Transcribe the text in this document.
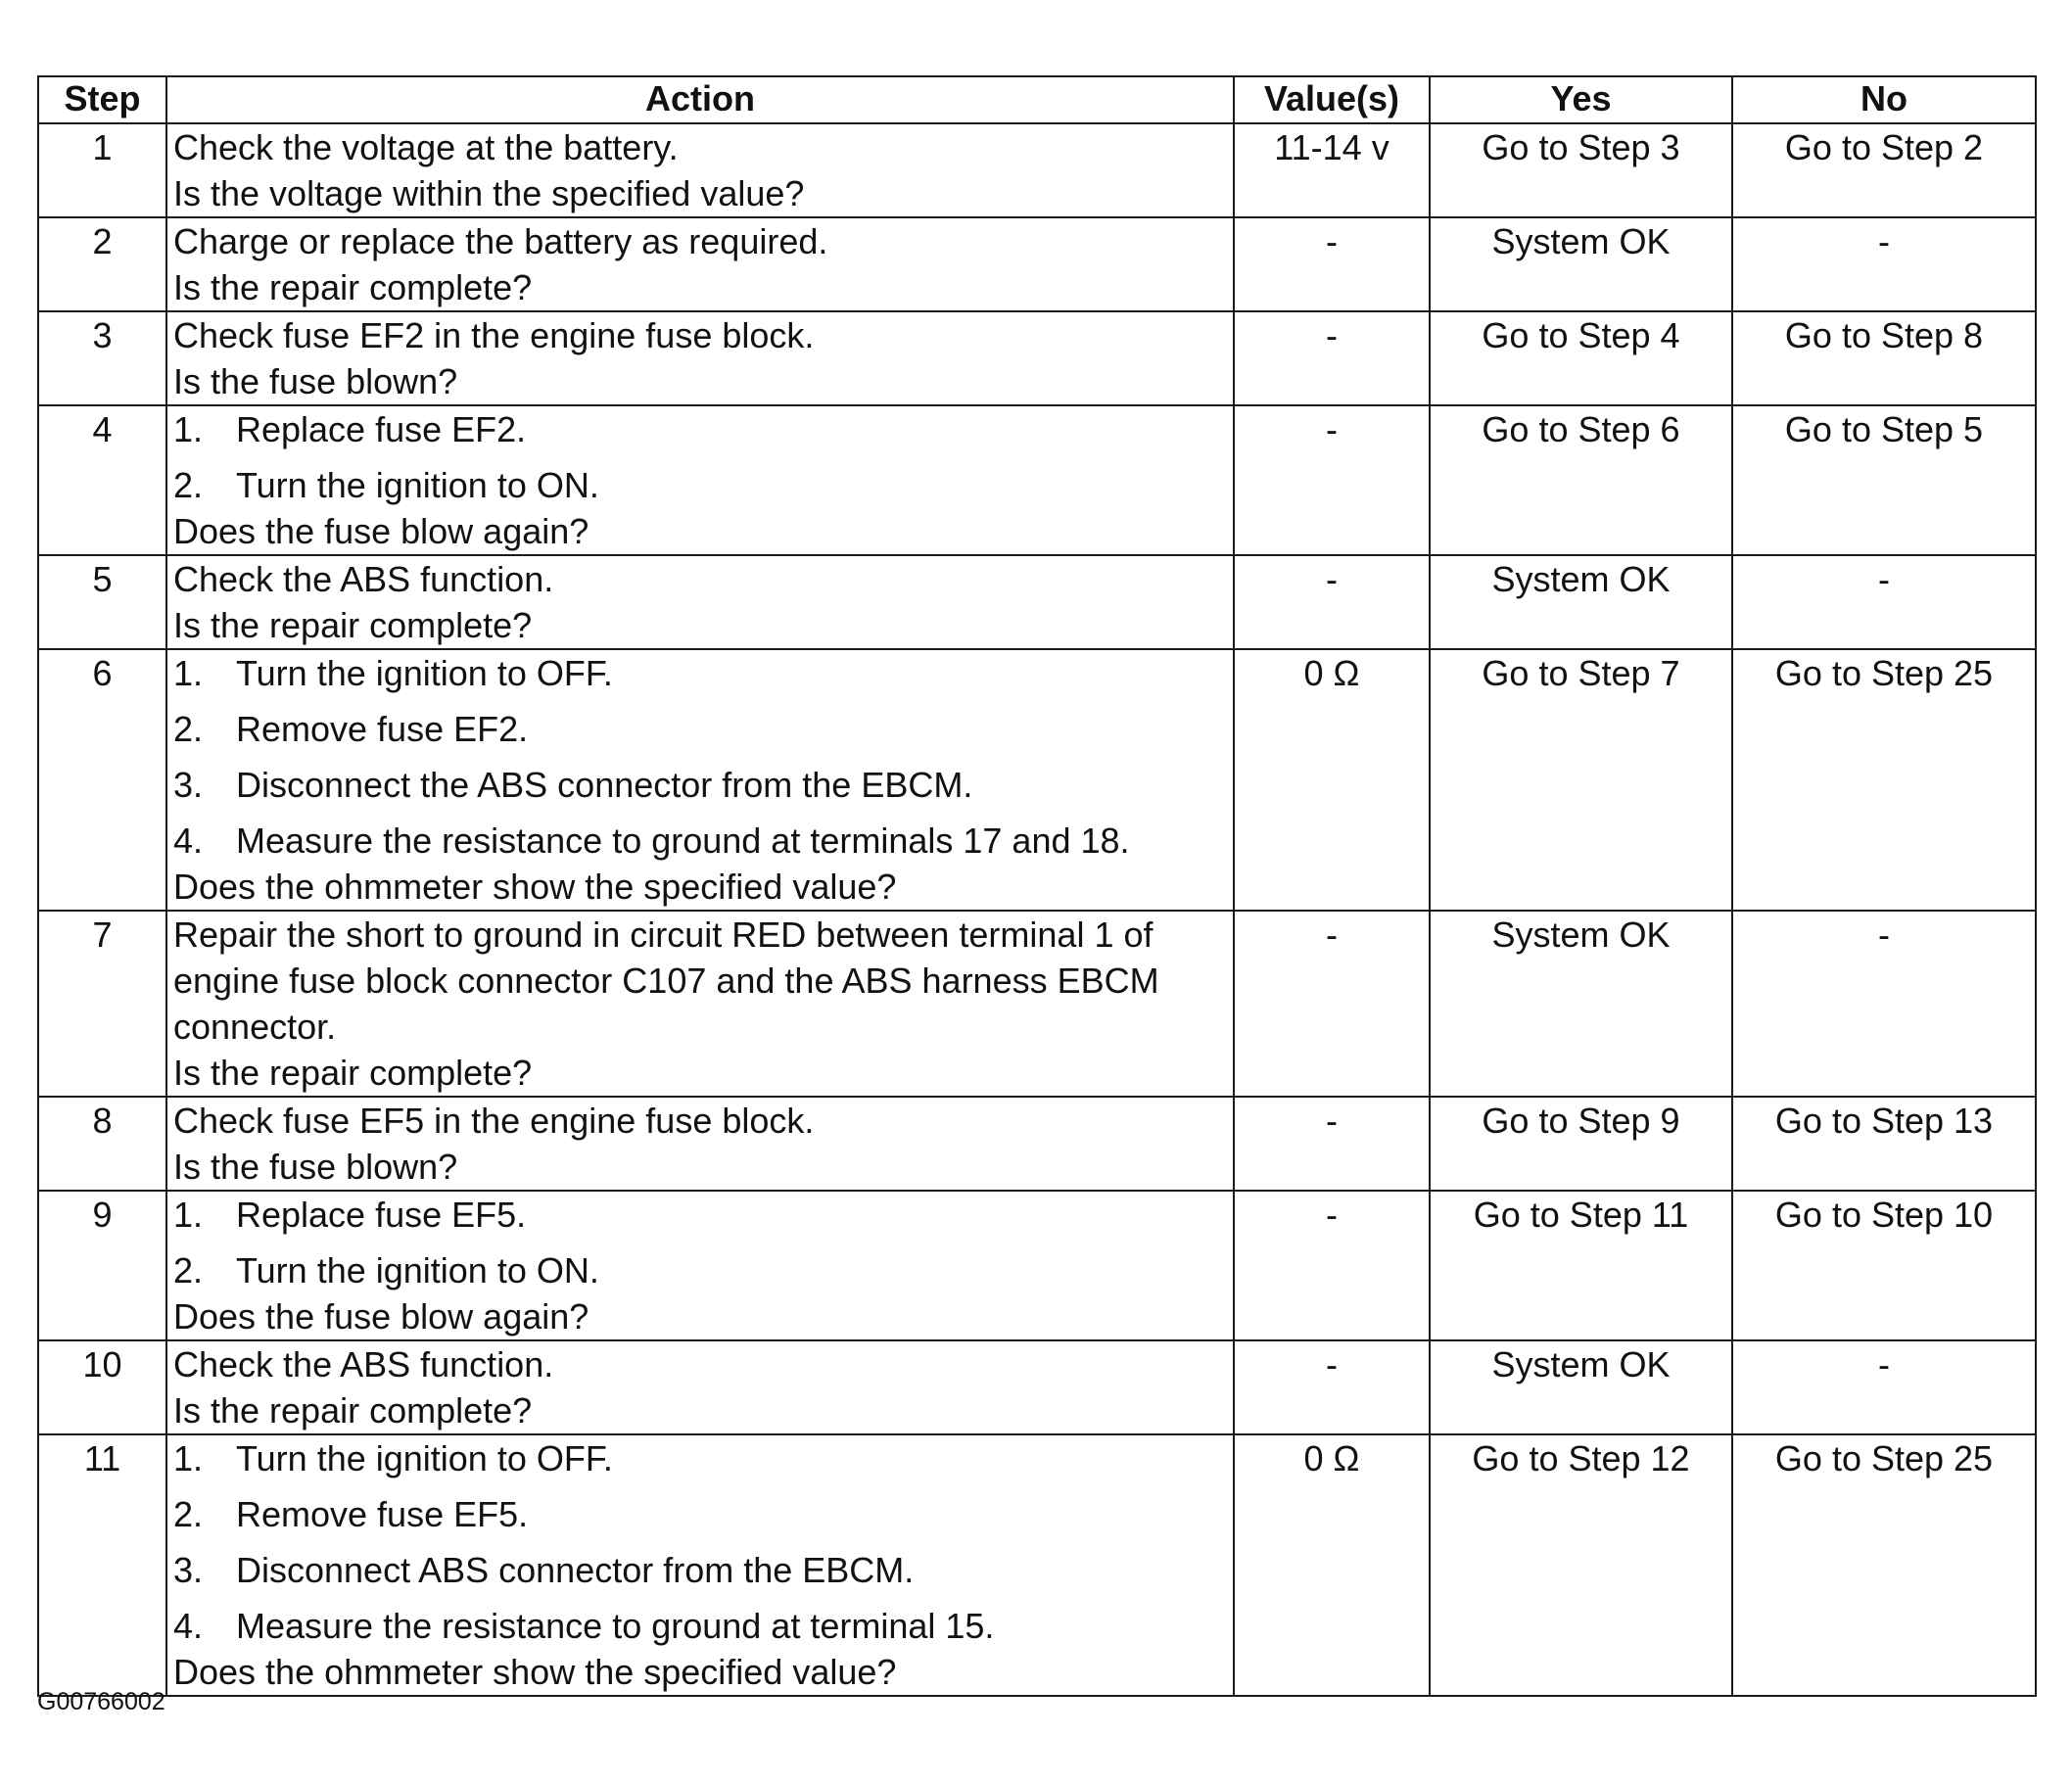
Step	Action	Value(s)	Yes	No
1	Check the voltage at the battery.
Is the voltage within the specified value?	11-14 v	Go to Step 3	Go to Step 2
2	Charge or replace the battery as required.
Is the repair complete?	-	System OK	-
3	Check fuse EF2 in the engine fuse block.
Is the fuse blown?	-	Go to Step 4	Go to Step 8
4	1. Replace fuse EF2.
2. Turn the ignition to ON.
Does the fuse blow again?	-	Go to Step 6	Go to Step 5
5	Check the ABS function.
Is the repair complete?	-	System OK	-
6	1. Turn the ignition to OFF.
2. Remove fuse EF2.
3. Disconnect the ABS connector from the EBCM.
4. Measure the resistance to ground at terminals 17 and 18.
Does the ohmmeter show the specified value?	0 Ω	Go to Step 7	Go to Step 25
7	Repair the short to ground in circuit RED between terminal 1 of
engine fuse block connector C107 and the ABS harness EBCM
connector.
Is the repair complete?	-	System OK	-
8	Check fuse EF5 in the engine fuse block.
Is the fuse blown?	-	Go to Step 9	Go to Step 13
9	1. Replace fuse EF5.
2. Turn the ignition to ON.
Does the fuse blow again?	-	Go to Step 11	Go to Step 10
10	Check the ABS function.
Is the repair complete?	-	System OK	-
11	1. Turn the ignition to OFF.
2. Remove fuse EF5.
3. Disconnect ABS connector from the EBCM.
4. Measure the resistance to ground at terminal 15.
Does the ohmmeter show the specified value?	0 Ω	Go to Step 12	Go to Step 25
G00766002
